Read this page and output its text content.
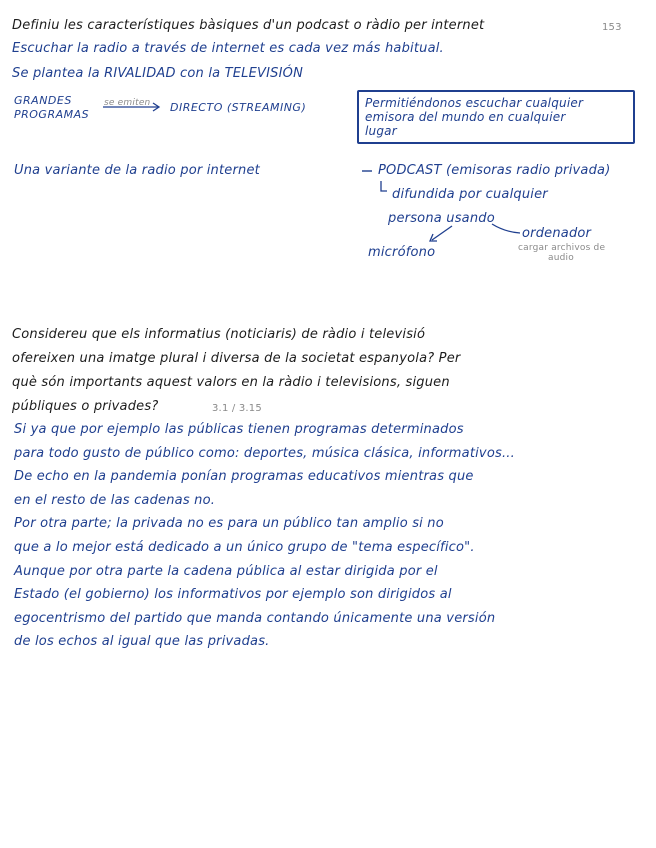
Definiu les característiques bàsiques d'un podcast o ràdio per internet	153
Escuchar la radio a través de internet es cada vez más habitual.
Se plantea la RIVALIDAD con la TELEVISIÓN
GRANDES
PROGRAMAS
se emiten DIRECTO (STREAMING)	Permitiéndonos escuchar cualquier
emisora del mundo en cualquier
lugar
Una variante de la radio por internet	PODCAST (emisoras radio privada)
difundida por cualquier
persona usando
ordenador
cargar archivos de
audio
micrófono
Considereu que els informatius (noticiaris) de ràdio i televisió
ofereixen una imatge plural i diversa de la societat espanyola? Per
què són importants aquest valors en la ràdio i televisions, siguen
públiques o privades?	3.1 / 3.15
Si ya que por ejemplo las públicas tienen programas determinados
para todo gusto de público como: deportes, música clásica, informativos...
De echo en la pandemia ponían programas educativos mientras que
en el resto de las cadenas no.
Por otra parte; la privada no es para un público tan amplio si no
que a lo mejor está dedicado a un único grupo de "tema específico".
Aunque por otra parte la cadena pública al estar dirigida por el
Estado (el gobierno) los informativos por ejemplo son dirigidos al
egocentrismo del partido que manda contando únicamente una versión
de los echos al igual que las privadas.
